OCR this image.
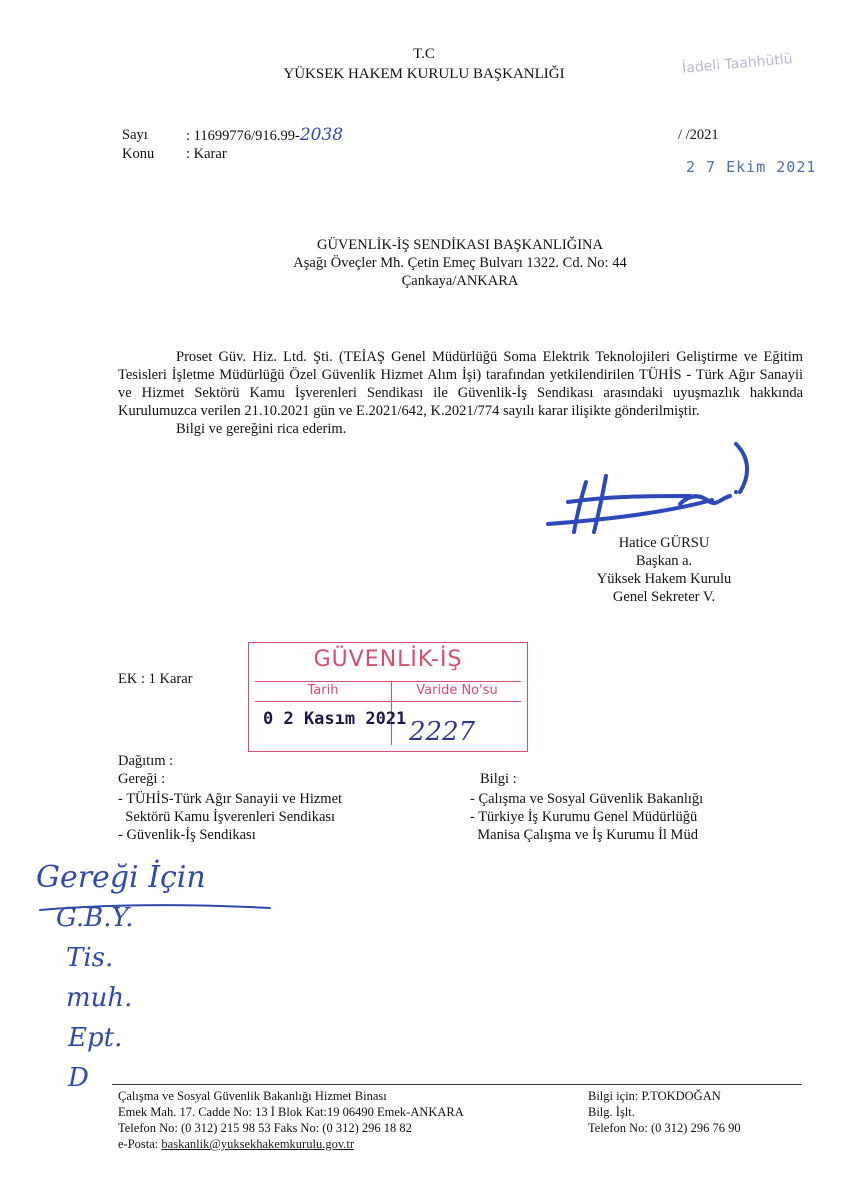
T.C
YÜKSEK HAKEM KURULU BAŞKANLIĞI	İadeli Taahhütlü
Sayı	: 11699776/916.99-2038
Konu : Karar
/ /2021
2 7 Ekim 2021
GÜVENLİK-İŞ SENDİKASI BAŞKANLIĞINA
Aşağı Öveçler Mh. Çetin Emeç Bulvarı 1322. Cd. No: 44
Çankaya/ANKARA

Proset Güv. Hiz. Ltd. Şti. (TEİAŞ Genel Müdürlüğü Soma Elektrik Teknolojileri Geliştirme ve Eğitim Tesisleri İşletme Müdürlüğü Özel Güvenlik Hizmet Alım İşi) tarafından yetkilendirilen TÜHİS - Türk Ağır Sanayii ve Hizmet Sektörü Kamu İşverenleri Sendikası ile Güvenlik-İş Sendikası arasındaki uyuşmazlık hakkında Kurulumuzca verilen 21.10.2021 gün ve E.2021/642, K.2021/774 sayılı karar ilişikte gönderilmiştir.

Bilgi ve gereğini rica ederim.

Hatice GÜRSU
Başkan a.
Yüksek Hakem Kurulu
Genel Sekreter V.
EK : 1 Karar
GÜVENLİK-İŞ
Tarih	Varide No'su
0 2 Kasım 2021 2227
Dağıtım :
Gereği :
- TÜHİS-Türk Ağır Sanayii ve Hizmet
Sektörü Kamu İşverenleri Sendikası
- Güvenlik-İş Sendikası
Bilgi :
- Çalışma ve Sosyal Güvenlik Bakanlığı
- Türkiye İş Kurumu Genel Müdürlüğü
Manisa Çalışma ve İş Kurumu İl Müd
Gereği İçin
G.B.Y.
Tis.
muh.
Ept.
D
Çalışma ve Sosyal Güvenlik Bakanlığı Hizmet Binası
Emek Mah. 17. Cadde No: 13 İ Blok Kat:19 06490 Emek-ANKARA
Telefon No: (0 312) 215 98 53 Faks No: (0 312) 296 18 82
e-Posta: baskanlik@yuksekhakemkurulu.gov.tr
Bilgi için: P.TOKDOĞAN
Bilg. İşlt.
Telefon No: (0 312) 296 76 90
